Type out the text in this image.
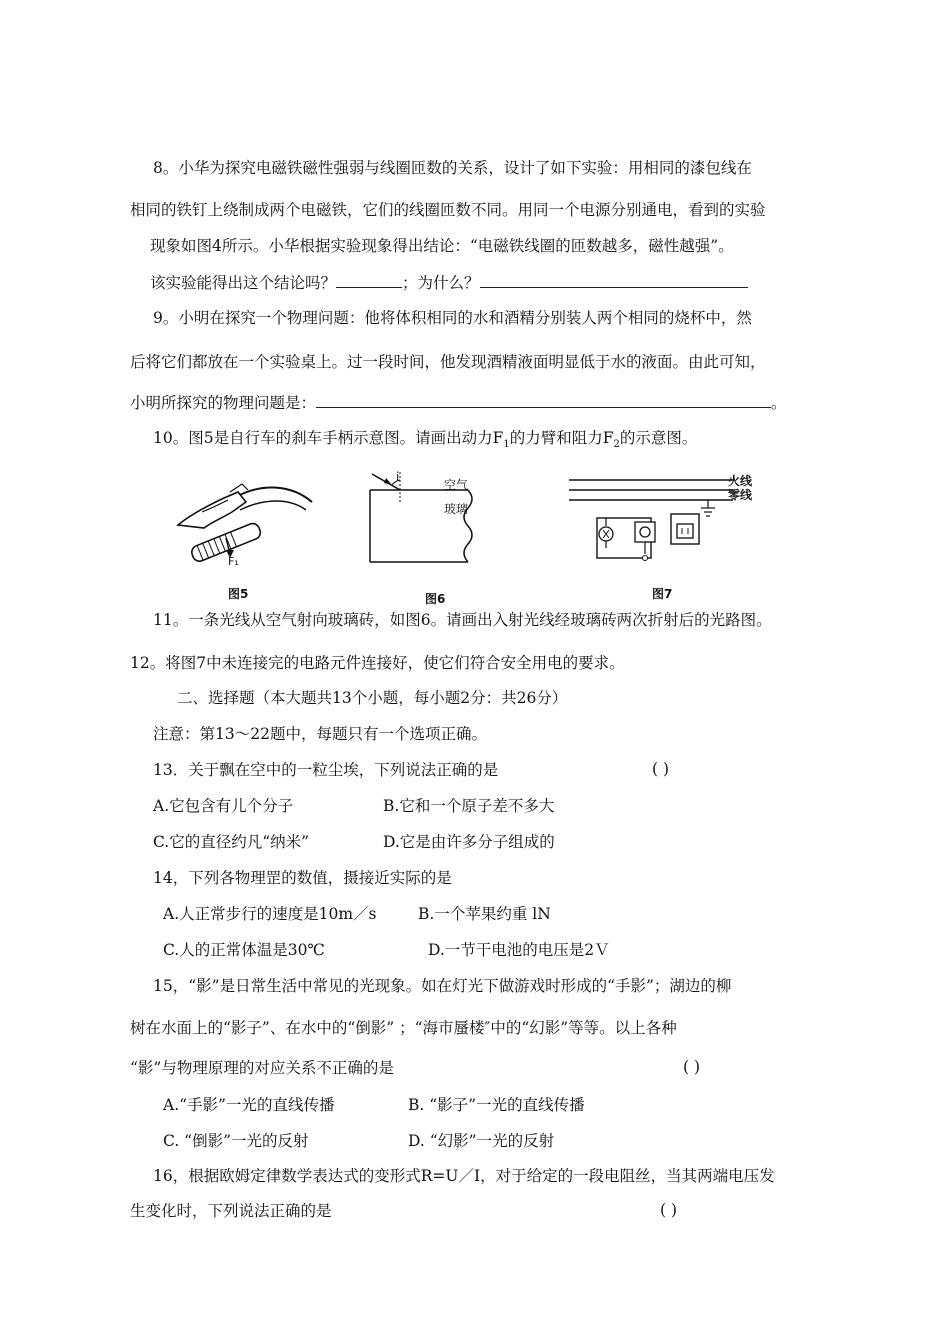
8。小华为探究电磁铁磁性强弱与线圈匝数的关系，设计了如下实验：用相同的漆包线在
相同的铁钉上绕制成两个电磁铁，它们的线圈匝数不同。用同一个电源分别通电，看到的实验
现象如图4所示。小华根据实验现象得出结论：“电磁铁线圈的匝数越多，磁性越强”。
该实验能得出这个结论吗？	；为什么？
9。小明在探究一个物理问题：他将体积相同的水和酒精分别装人两个相同的烧杯中，然
后将它们都放在一个实验桌上。过一段时间，他发现酒精液面明显低于水的液面。由此可知，
小明所探究的物理问题是：	。
10。图5是自行车的刹车手柄示意图。请画出动力$F_1$的力臂和阻力$F_2$的示意图。
F₁
图5
i
空气
玻璃
图6
火线
零线
图7
11。一条光线从空气射向玻璃砖，如图6。请画出入射光线经玻璃砖两次折射后的光路图。
12。将图7中未连接完的电路元件连接好，使它们符合安全用电的要求。
二、选择题（本大题共13个小题，每小题2分：共26分）
注意：第13～22题中，每题只有一个选项正确。
13．关于飘在空中的一粒尘埃，下列说法正确的是	( )
A.它包含有儿个分子	B.它和一个原子差不多大
C.它的直径约凡“纳米”	D.它是由许多分子组成的
14，下列各物理罡的数值，摄接近实际的是
A.人正常步行的速度是10m／s	B.一个苹果约重 lN
C.人的正常体温是30℃	D.一节干电池的电压是2Ｖ
15，“影”是日常生活中常见的光现象。如在灯光下做游戏时形成的“手影”；湖边的柳
树在水面上的“影子”、在水中的“倒影” ；“海市蜃楼″中的“幻影”等等。以上各种
“影”与物理原理的对应关系不正确的是	( )
A.“手影”一光的直线传播	B. “影子”一光的直线传播
C. “倒影”一光的反射	D. “幻影”一光的反射
16，根据欧姆定律数学表达式的变形式R=U／I，对于给定的一段电阻丝，当其两端电压发
生变化时，下列说法正确的是	( )
